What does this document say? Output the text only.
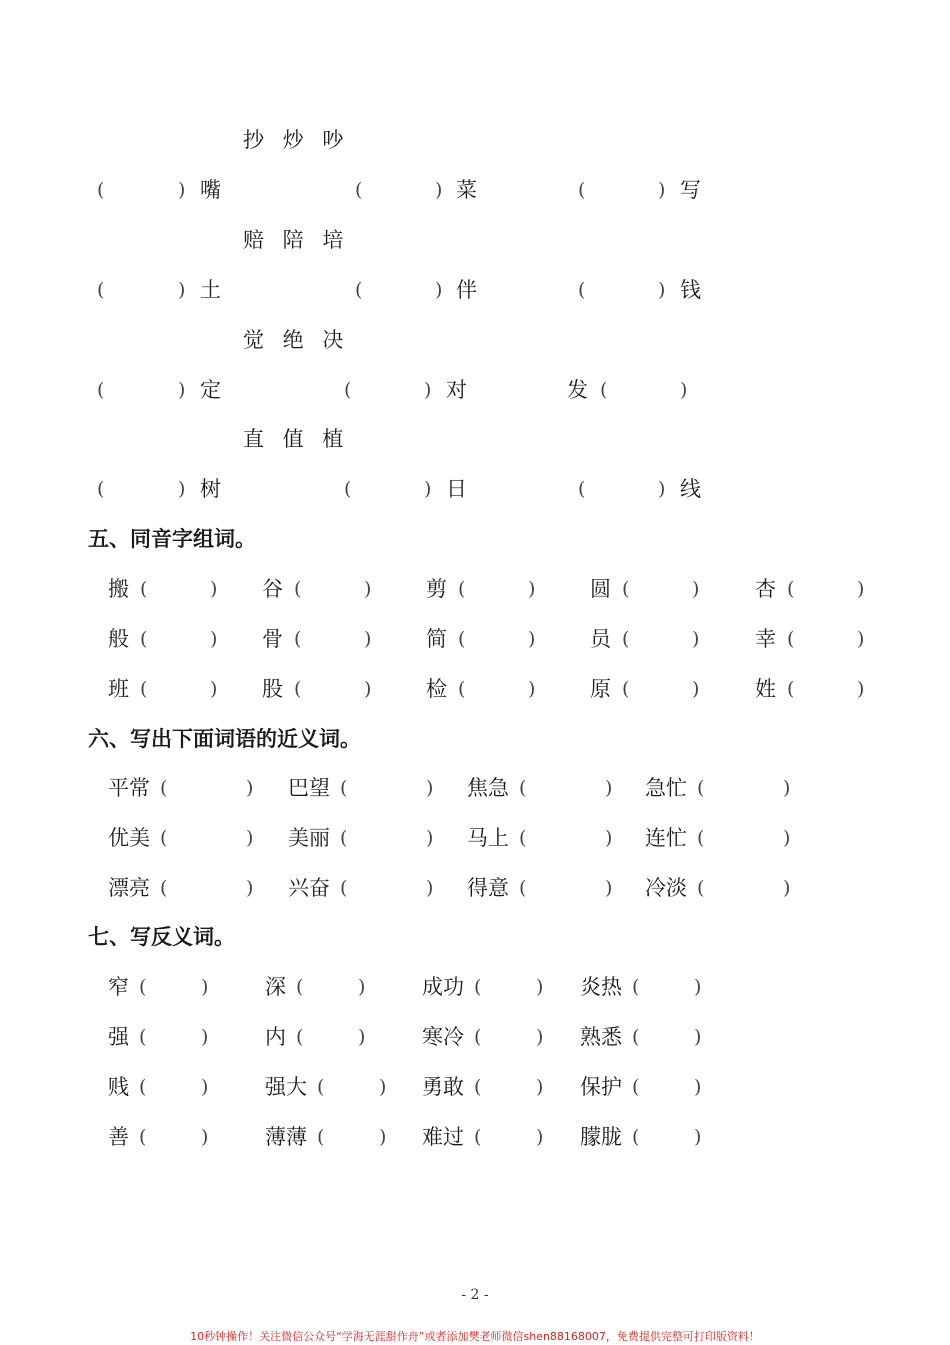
抄 炒 吵
(	) 嘴	(	) 菜	(	) 写
赔 陪 培
(	) 土	(	) 伴	(	) 钱
觉 绝 决
(	) 定	(	) 对	发 (	)
直 值 植
(	) 树	(	) 日	(	) 线
五、同音字组词。
搬 (	) 谷 (	)	剪 (	)	圆 (	)	杏 (	)
般 (	) 骨 (	)	简 (	)	员 (	)	幸 (	)
班 (	) 股 (	)	检 (	)	原 (	)	姓 (	)
六、写出下面词语的近义词。
平常 (	) 巴望 (	) 焦急 (	) 急忙 (	)
优美 (	) 美丽 (	) 马上 (	) 连忙 (	)
漂亮 (	) 兴奋 (	) 得意 (	) 冷淡 (	)
七、写反义词。
窄 (	)	深 (	)	成功 (	) 炎热 (	)
强 (	)	内 (	)	寒冷 (	) 熟悉 (	)
贱 (	)	强大 (	) 勇敢 (	) 保护 (	)
善 (	)	薄薄 (	) 难过 (	) 朦胧 (	)
- 2 -
10秒钟操作！关注微信公众号“学海无涯甜作舟”或者添加樊老师微信shen88168007，免费提供完整可打印版资料！
